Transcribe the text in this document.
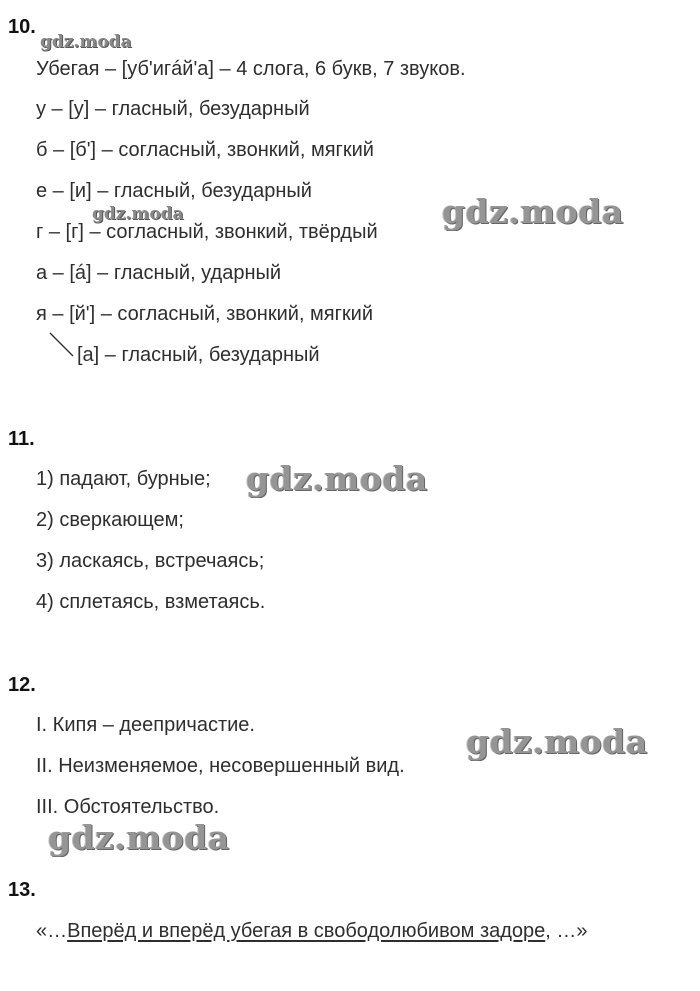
10.
Убегая – [уб'игáй'а] – 4 слога, 6 букв, 7 звуков.
у – [у] – гласный, безударный
б – [б'] – согласный, звонкий, мягкий
е – [и] – гласный, безударный
г – [г] – согласный, звонкий, твёрдый
а – [á] – гласный, ударный
я – [й'] – согласный, звонкий, мягкий
[а] – гласный, безударный
11.
1) падают, бурные;
2) сверкающем;
3) ласкаясь, встречаясь;
4) сплетаясь, взметаясь.
12.
I. Кипя – деепричастие.
II. Неизменяемое, несовершенный вид.
III. Обстоятельство.
13.
«…Вперёд и вперёд убегая в свободолюбивом задоре, …»
gdz.moda
gdz.moda	gdz.moda
gdz.moda
gdz.moda
gdz.moda
